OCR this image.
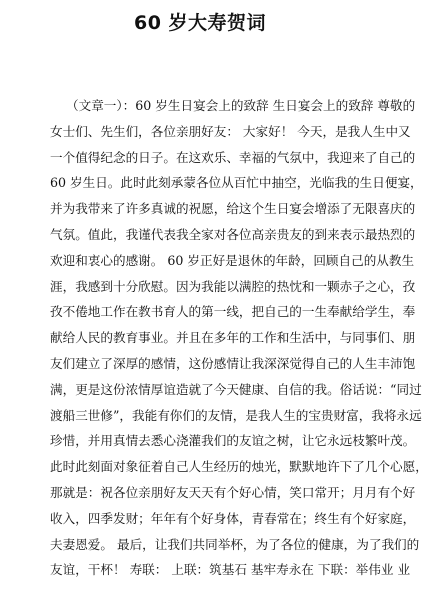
60 岁大寿贺词
（文章一）：60 岁生日宴会上的致辞 生日宴会上的致辞 尊敬的
女士们、先生们，各位亲朋好友： 大家好！ 今天，是我人生中又
一个值得纪念的日子。在这欢乐、幸福的气氛中，我迎来了自己的
60 岁生日。此时此刻承蒙各位从百忙中抽空，光临我的生日便宴，
并为我带来了许多真诚的祝愿，给这个生日宴会增添了无限喜庆的
气氛。值此，我谨代表我全家对各位高亲贵友的到来表示最热烈的
欢迎和衷心的感谢。 60 岁正好是退休的年龄，回顾自己的从教生
涯，我感到十分欣慰。因为我能以满腔的热忱和一颗赤子之心，孜
孜不倦地工作在教书育人的第一线，把自己的一生奉献给学生，奉
献给人民的教育事业。并且在多年的工作和生活中，与同事们、朋
友们建立了深厚的感情，这份感情让我深深觉得自己的人生丰沛饱
满，更是这份浓情厚谊造就了今天健康、自信的我。俗话说：“同过
渡船三世修”，我能有你们的友情，是我人生的宝贵财富，我将永远
珍惜，并用真情去悉心浇灌我们的友谊之树，让它永远枝繁叶茂。
此时此刻面对象征着自己人生经历的烛光，默默地许下了几个心愿，
那就是：祝各位亲朋好友天天有个好心情，笑口常开；月月有个好
收入，四季发财；年年有个好身体，青春常在；终生有个好家庭，
夫妻恩爱。 最后，让我们共同举杯，为了各位的健康，为了我们的
友谊，干杯！ 寿联： 上联：筑基石 基牢寿永在 下联：举伟业 业
